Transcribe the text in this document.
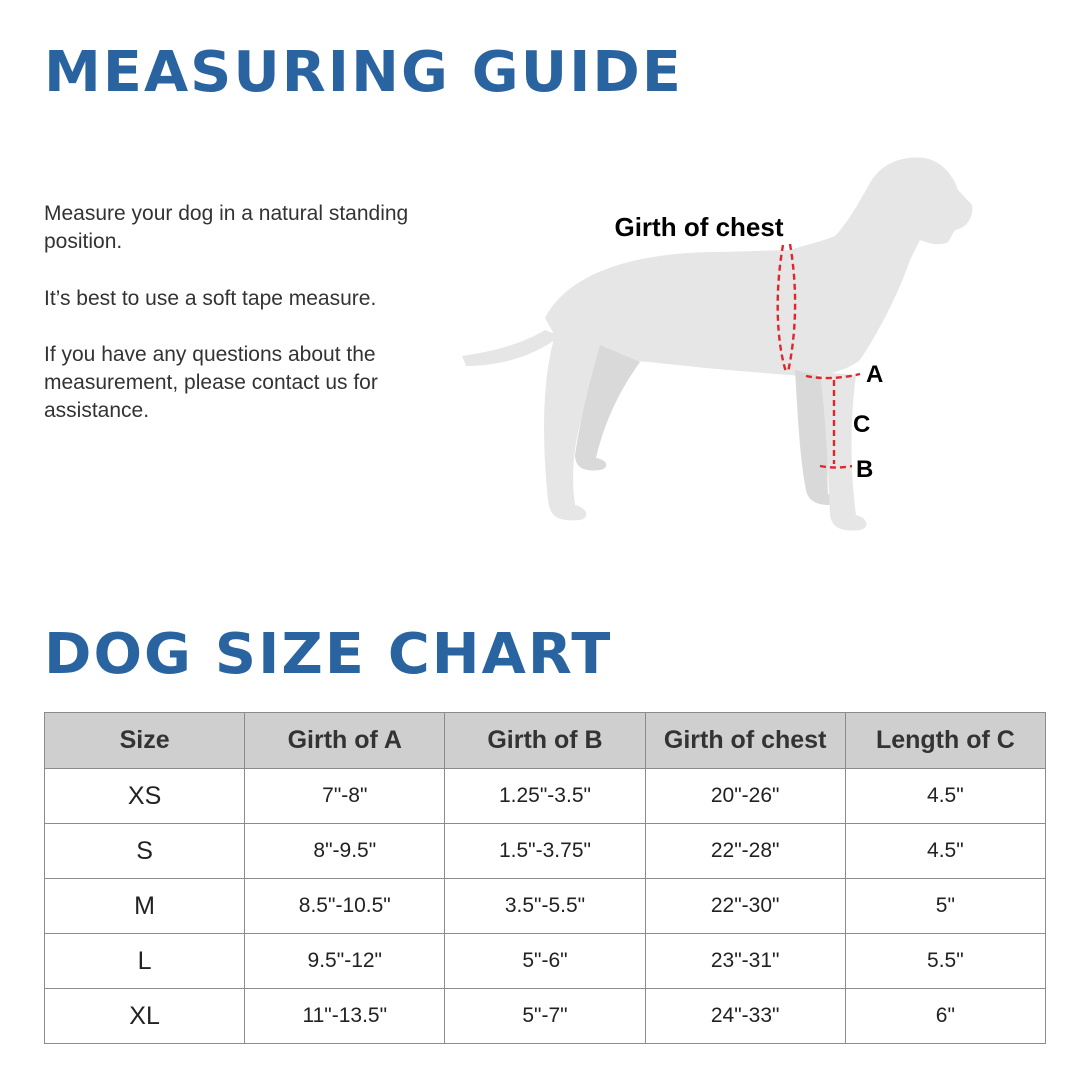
MEASURING GUIDE

Measure your dog in a natural standing position.

It’s best to use a soft tape measure.

If you have any questions about the measurement, please contact us for assistance.

Girth of chest
A
C
B
DOG SIZE CHART
Size	Girth of A	Girth of B	Girth of chest	Length of C
XS	7"-8"	1.25"-3.5"	20"-26"	4.5"
S	8"-9.5"	1.5"-3.75"	22"-28"	4.5"
M	8.5"-10.5"	3.5"-5.5"	22"-30"	5"
L	9.5"-12"	5"-6"	23"-31"	5.5"
XL	11"-13.5"	5"-7"	24"-33"	6"
